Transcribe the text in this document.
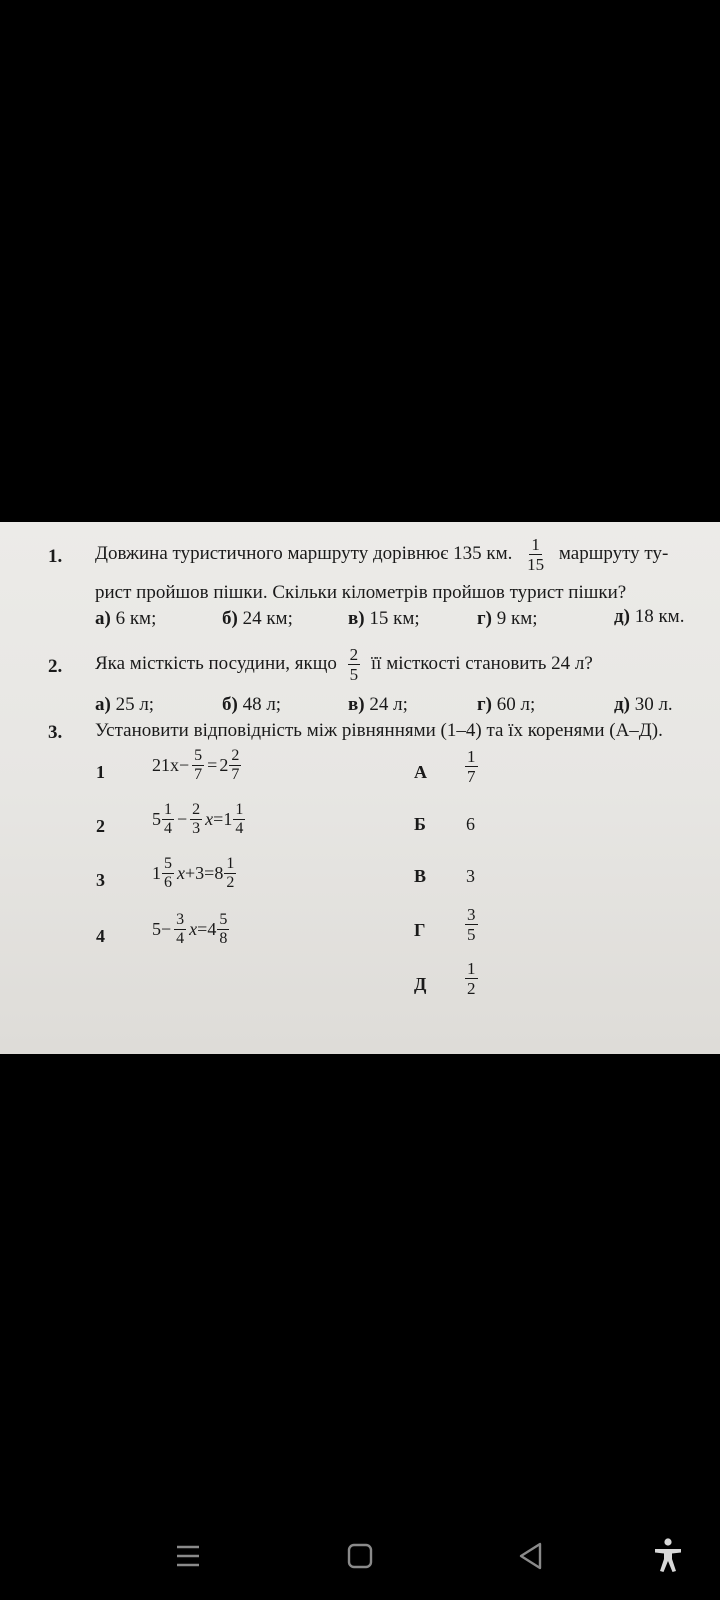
1. Довжина туристичного маршруту дорівнює 135 км. $\frac{1}{15}$ маршруту ту-
рист пройшов пішки. Скільки кілометрів пройшов турист пішки?
а) 6 км;	б) 24 км;	в) 15 км;	г) 9 км;	д) 18 км.
2. Яка місткість посудини, якщо $\frac{2}{5}$ її місткості становить 24 л?
а) 25 л;	б) 48 л;	в) 24 л;	г) 60 л;	д) 30 л.
3. Установити відповідність між рівняннями (1–4) та їх коренями (А–Д).
1	$21x - \frac{5}{7} = 2 \frac{2}{7}$
2	$5 \frac{1}{4} - \frac{2}{3}$ $x = 1 \frac{1}{4}$
3	$1 \frac{5}{6}$ $x +3 = 8 \frac{1}{2}$
4	$5 - \frac{3}{4}$ $x = 4 \frac{5}{8}$
А $\frac{1}{7}$
Б 6
В 3
Г $\frac{3}{5}$
Д $\frac{1}{2}$
